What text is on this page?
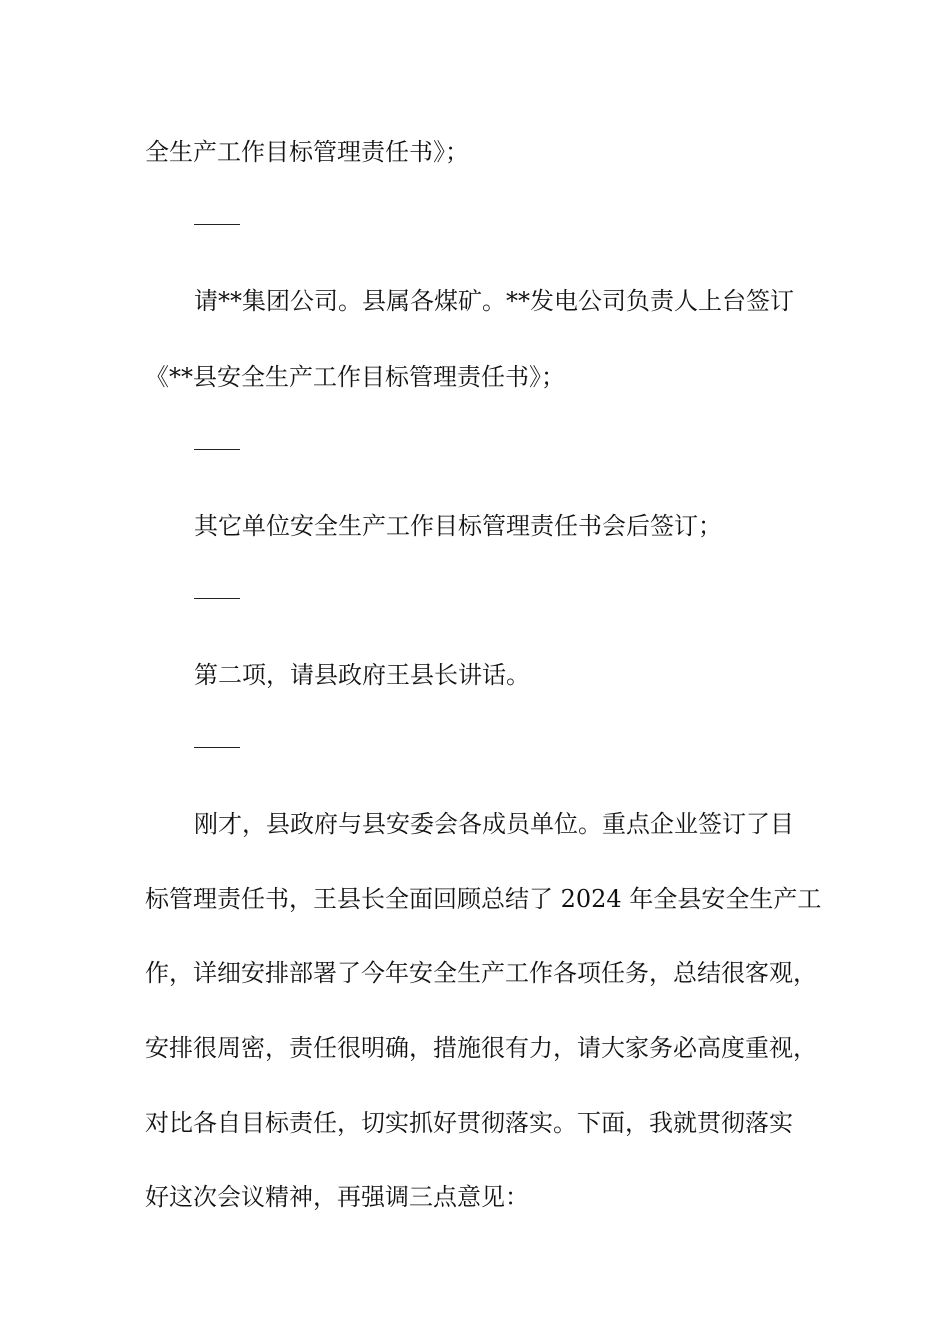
全生产工作目标管理责任书》；
请**集团公司。县属各煤矿。**发电公司负责人上台签订
《**县安全生产工作目标管理责任书》；
其它单位安全生产工作目标管理责任书会后签订；
第二项，请县政府王县长讲话。
刚才，县政府与县安委会各成员单位。重点企业签订了目
标管理责任书，王县长全面回顾总结了 2024 年全县安全生产工
作，详细安排部署了今年安全生产工作各项任务，总结很客观，
安排很周密，责任很明确，措施很有力，请大家务必高度重视，
对比各自目标责任，切实抓好贯彻落实。下面，我就贯彻落实
好这次会议精神，再强调三点意见：
